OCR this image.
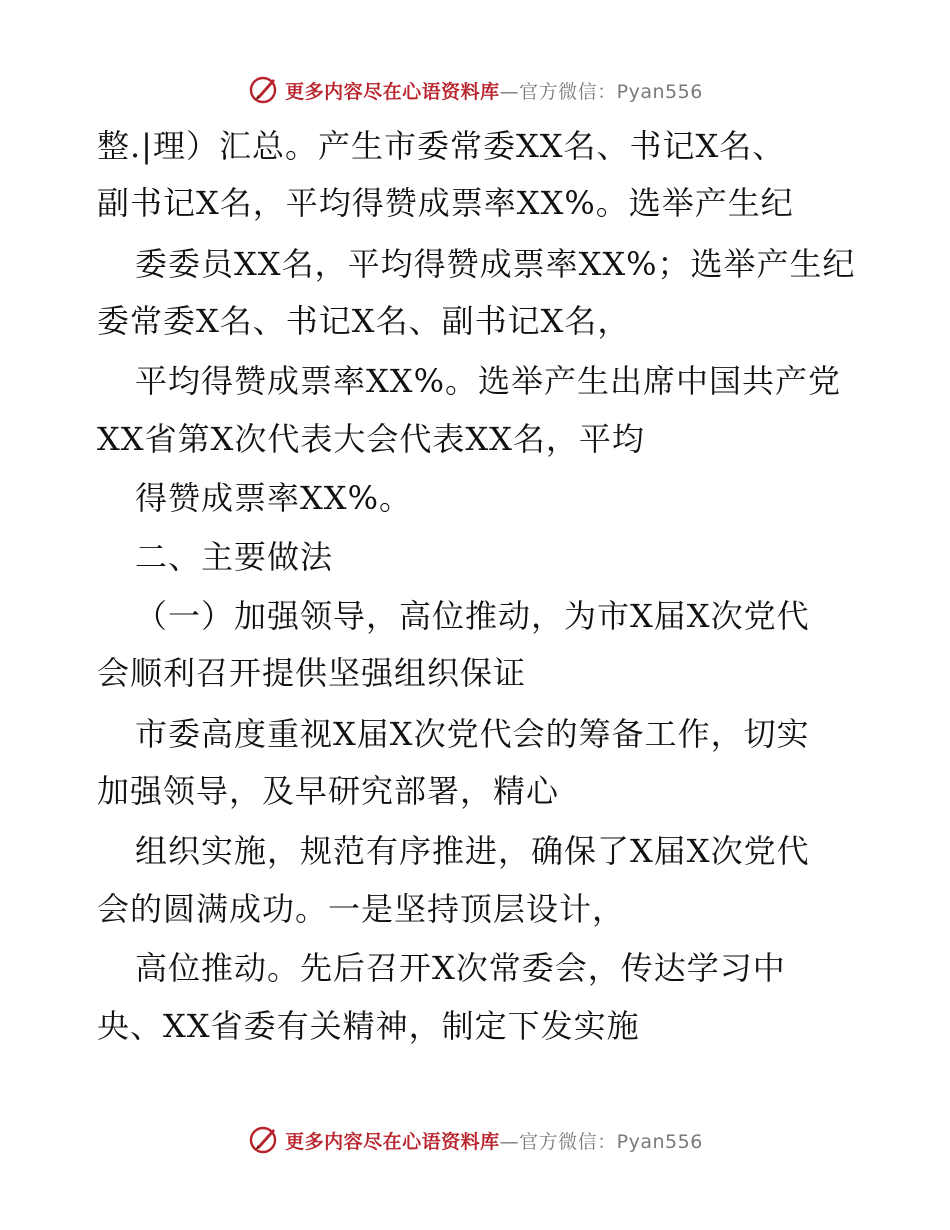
更多内容尽在心语资料库 —官方微信：Pyan556
整.|理）汇总。产生市委常委XX名、书记X名、
副书记X名，平均得赞成票率XX%。选举产生纪
委委员XX名，平均得赞成票率XX%；选举产生纪
委常委X名、书记X名、副书记X名，
平均得赞成票率XX%。选举产生出席中国共产党
XX省第X次代表大会代表XX名，平均
得赞成票率XX%。
二、主要做法
（一）加强领导，高位推动，为市X届X次党代
会顺利召开提供坚强组织保证
市委高度重视X届X次党代会的筹备工作，切实
加强领导，及早研究部署，精心
组织实施，规范有序推进，确保了X届X次党代
会的圆满成功。一是坚持顶层设计，
高位推动。先后召开X次常委会，传达学习中
央、XX省委有关精神，制定下发实施
更多内容尽在心语资料库 —官方微信：Pyan556
